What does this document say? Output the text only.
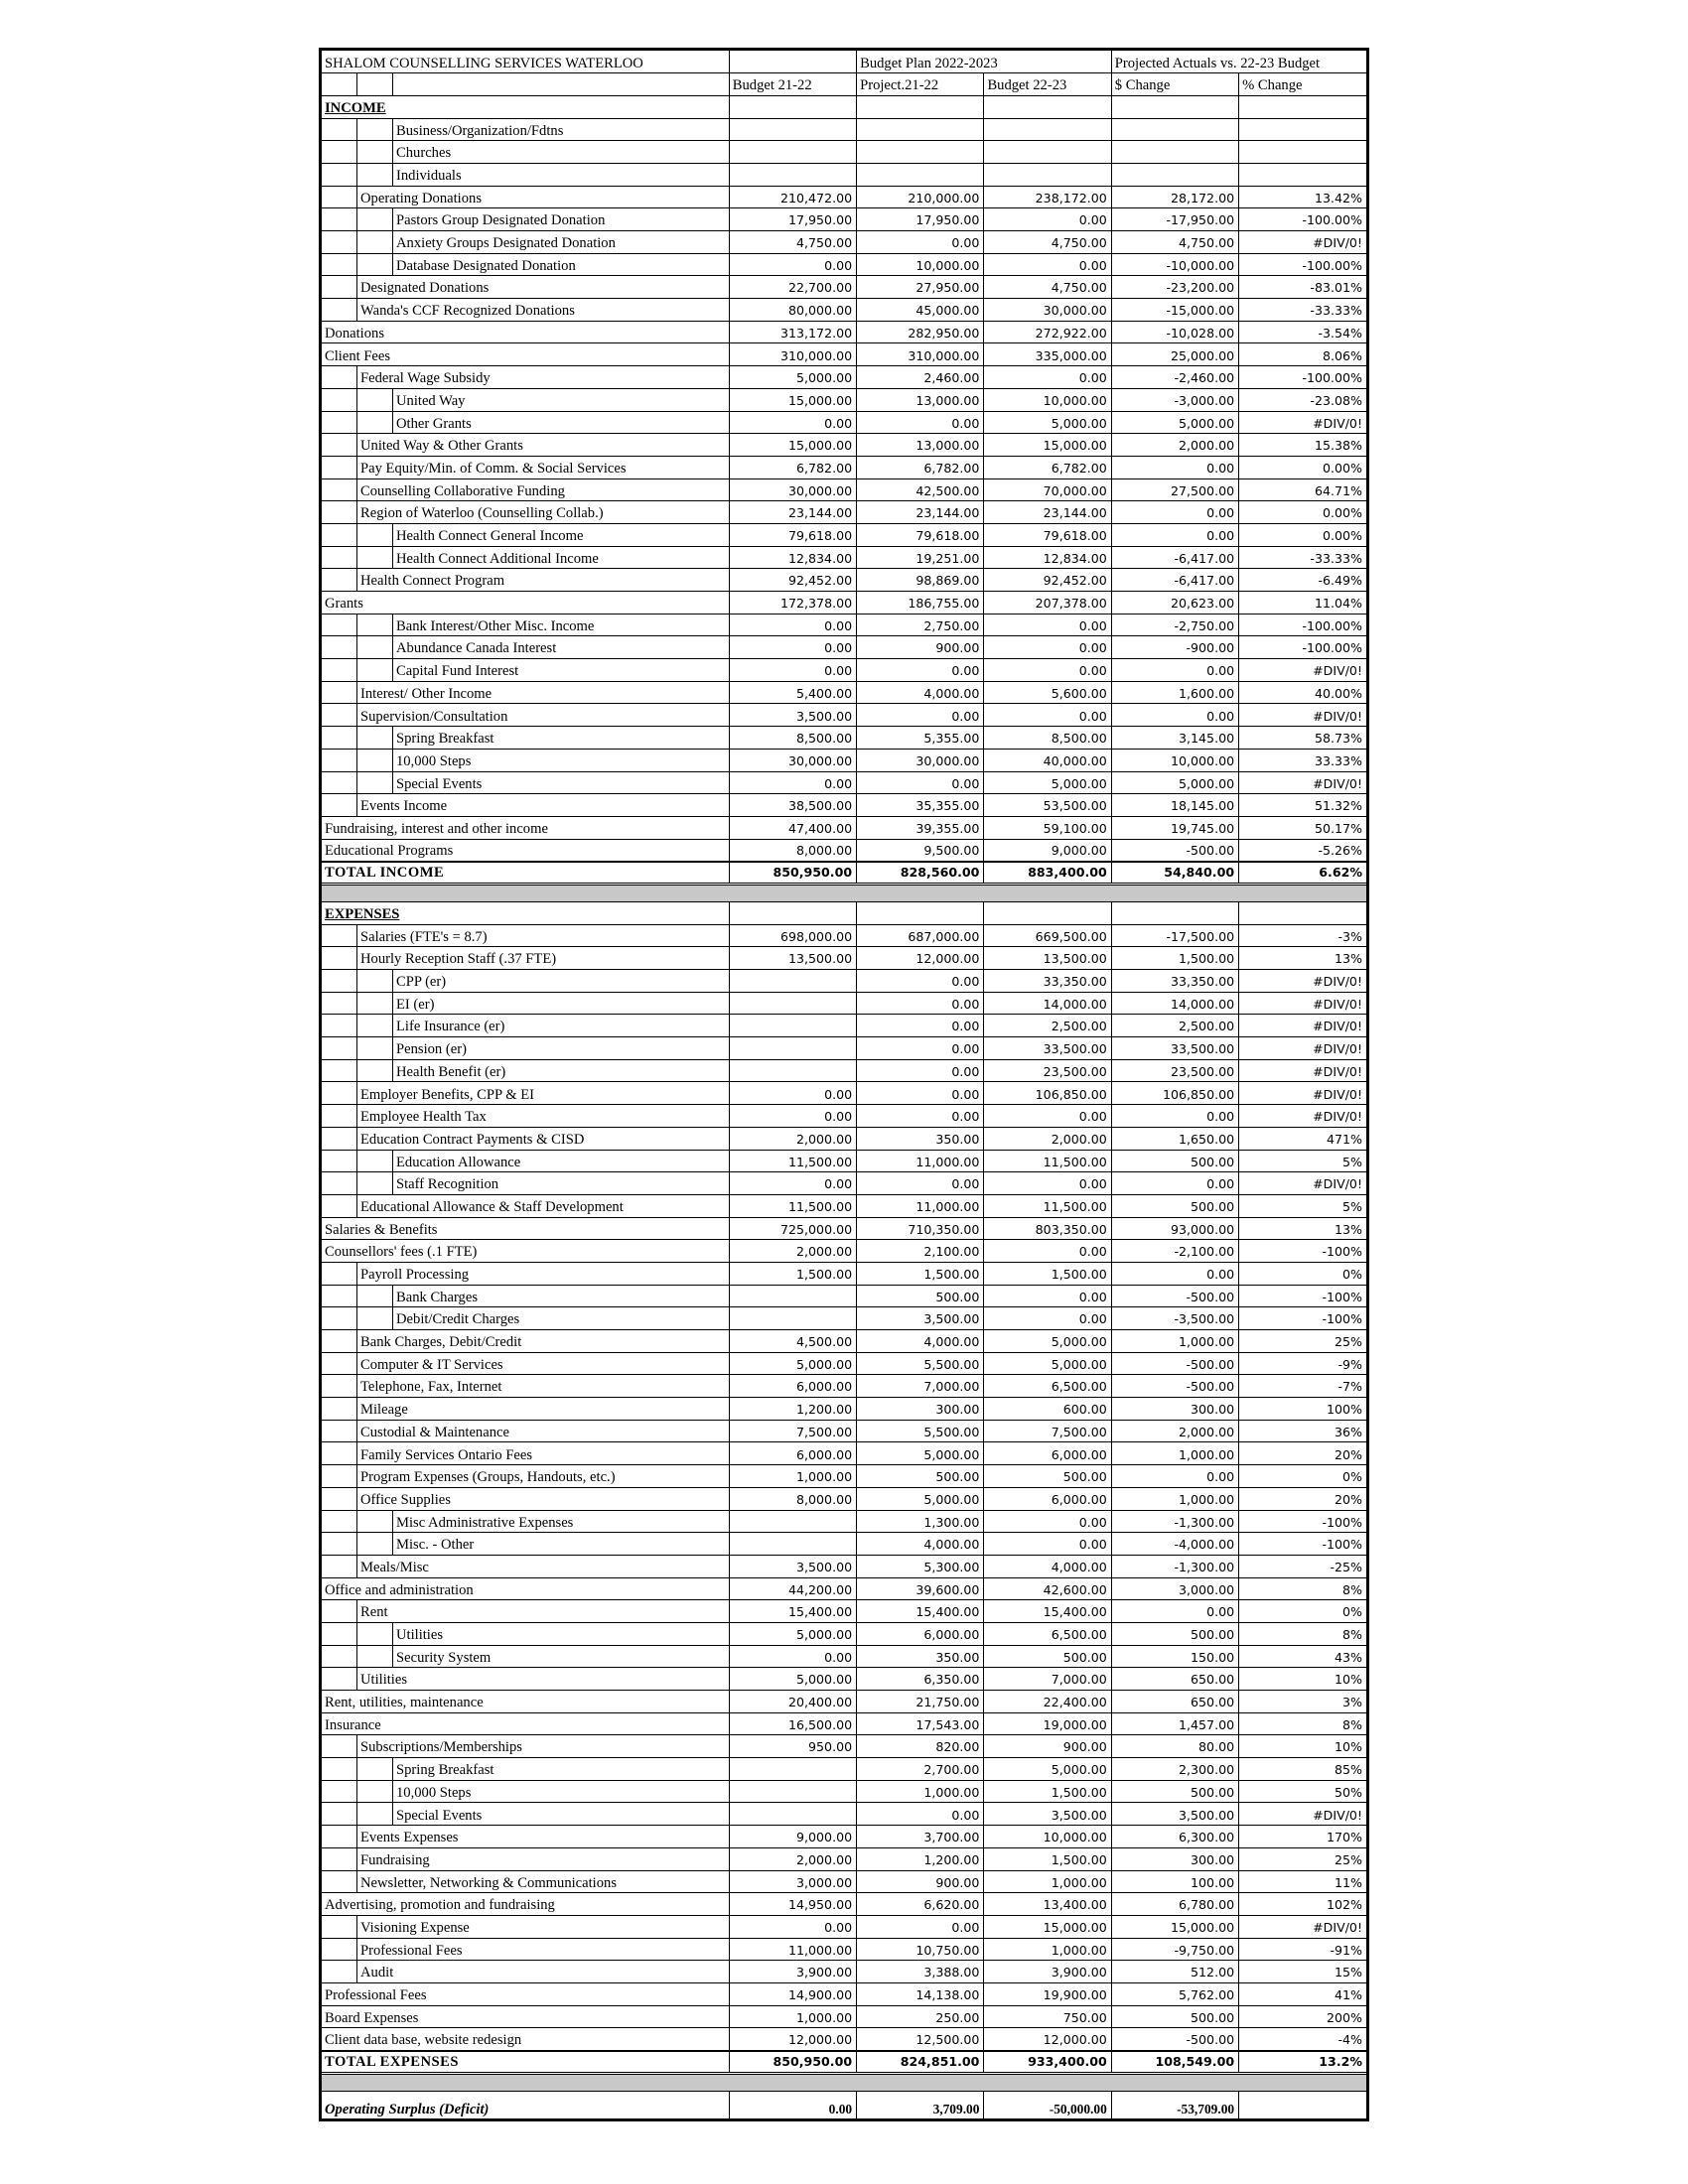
SHALOM COUNSELLING SERVICES WATERLOO		Budget Plan 2022-2023		Projected Actuals vs. 22-23 Budget	

	Budget 21-22	Project.21-22	Budget 22-23	$ Change	% Change

INCOME					

Business/Organization/Fdtns					

Churches					

Individuals					

Operating Donations	210,472.00	210,000.00	238,172.00	28,172.00	13.42%

Pastors Group Designated Donation	17,950.00	17,950.00	0.00	-17,950.00	-100.00%

Anxiety Groups Designated Donation	4,750.00	0.00	4,750.00	4,750.00	#DIV/0!

Database Designated Donation	0.00	10,000.00	0.00	-10,000.00	-100.00%

Designated Donations	22,700.00	27,950.00	4,750.00	-23,200.00	-83.01%

Wanda's CCF Recognized Donations	80,000.00	45,000.00	30,000.00	-15,000.00	-33.33%

Donations	313,172.00	282,950.00	272,922.00	-10,028.00	-3.54%

Client Fees	310,000.00	310,000.00	335,000.00	25,000.00	8.06%

Federal Wage Subsidy	5,000.00	2,460.00	0.00	-2,460.00	-100.00%

United Way	15,000.00	13,000.00	10,000.00	-3,000.00	-23.08%

Other Grants	0.00	0.00	5,000.00	5,000.00	#DIV/0!

United Way & Other Grants	15,000.00	13,000.00	15,000.00	2,000.00	15.38%

Pay Equity/Min. of Comm. & Social Services	6,782.00	6,782.00	6,782.00	0.00	0.00%

Counselling Collaborative Funding	30,000.00	42,500.00	70,000.00	27,500.00	64.71%

Region of Waterloo (Counselling Collab.)	23,144.00	23,144.00	23,144.00	0.00	0.00%

Health Connect General Income	79,618.00	79,618.00	79,618.00	0.00	0.00%

Health Connect Additional Income	12,834.00	19,251.00	12,834.00	-6,417.00	-33.33%

Health Connect Program	92,452.00	98,869.00	92,452.00	-6,417.00	-6.49%

Grants	172,378.00	186,755.00	207,378.00	20,623.00	11.04%

Bank Interest/Other Misc. Income	0.00	2,750.00	0.00	-2,750.00	-100.00%

Abundance Canada Interest	0.00	900.00	0.00	-900.00	-100.00%

Capital Fund Interest	0.00	0.00	0.00	0.00	#DIV/0!

Interest/ Other Income	5,400.00	4,000.00	5,600.00	1,600.00	40.00%

Supervision/Consultation	3,500.00	0.00	0.00	0.00	#DIV/0!

Spring Breakfast	8,500.00	5,355.00	8,500.00	3,145.00	58.73%

10,000 Steps	30,000.00	30,000.00	40,000.00	10,000.00	33.33%

Special Events	0.00	0.00	5,000.00	5,000.00	#DIV/0!

Events Income	38,500.00	35,355.00	53,500.00	18,145.00	51.32%

Fundraising, interest and other income	47,400.00	39,355.00	59,100.00	19,745.00	50.17%

Educational Programs	8,000.00	9,500.00	9,000.00	-500.00	-5.26%

TOTAL INCOME	850,950.00	828,560.00	883,400.00	54,840.00	6.62%

EXPENSES					

Salaries (FTE's = 8.7)	698,000.00	687,000.00	669,500.00	-17,500.00	-3%

Hourly Reception Staff (.37 FTE)	13,500.00	12,000.00	13,500.00	1,500.00	13%

CPP (er)		0.00	33,350.00	33,350.00	#DIV/0!

EI (er)		0.00	14,000.00	14,000.00	#DIV/0!

Life Insurance (er)		0.00	2,500.00	2,500.00	#DIV/0!

Pension (er)		0.00	33,500.00	33,500.00	#DIV/0!

Health Benefit (er)		0.00	23,500.00	23,500.00	#DIV/0!

Employer Benefits, CPP & EI	0.00	0.00	106,850.00	106,850.00	#DIV/0!

Employee Health Tax	0.00	0.00	0.00	0.00	#DIV/0!

Education Contract Payments & CISD	2,000.00	350.00	2,000.00	1,650.00	471%

Education Allowance	11,500.00	11,000.00	11,500.00	500.00	5%

Staff Recognition	0.00	0.00	0.00	0.00	#DIV/0!

Educational Allowance & Staff Development	11,500.00	11,000.00	11,500.00	500.00	5%

Salaries & Benefits	725,000.00	710,350.00	803,350.00	93,000.00	13%

Counsellors' fees (.1 FTE)	2,000.00	2,100.00	0.00	-2,100.00	-100%

Payroll Processing	1,500.00	1,500.00	1,500.00	0.00	0%

Bank Charges		500.00	0.00	-500.00	-100%

Debit/Credit Charges		3,500.00	0.00	-3,500.00	-100%

Bank Charges, Debit/Credit	4,500.00	4,000.00	5,000.00	1,000.00	25%

Computer & IT Services	5,000.00	5,500.00	5,000.00	-500.00	-9%

Telephone, Fax, Internet	6,000.00	7,000.00	6,500.00	-500.00	-7%

Mileage	1,200.00	300.00	600.00	300.00	100%

Custodial & Maintenance	7,500.00	5,500.00	7,500.00	2,000.00	36%

Family Services Ontario Fees	6,000.00	5,000.00	6,000.00	1,000.00	20%

Program Expenses (Groups, Handouts, etc.)	1,000.00	500.00	500.00	0.00	0%

Office Supplies	8,000.00	5,000.00	6,000.00	1,000.00	20%

Misc Administrative Expenses		1,300.00	0.00	-1,300.00	-100%

Misc. - Other		4,000.00	0.00	-4,000.00	-100%

Meals/Misc	3,500.00	5,300.00	4,000.00	-1,300.00	-25%

Office and administration	44,200.00	39,600.00	42,600.00	3,000.00	8%

Rent	15,400.00	15,400.00	15,400.00	0.00	0%

Utilities	5,000.00	6,000.00	6,500.00	500.00	8%

Security System	0.00	350.00	500.00	150.00	43%

Utilities	5,000.00	6,350.00	7,000.00	650.00	10%

Rent, utilities, maintenance	20,400.00	21,750.00	22,400.00	650.00	3%

Insurance	16,500.00	17,543.00	19,000.00	1,457.00	8%

Subscriptions/Memberships	950.00	820.00	900.00	80.00	10%

Spring Breakfast		2,700.00	5,000.00	2,300.00	85%

10,000 Steps		1,000.00	1,500.00	500.00	50%

Special Events		0.00	3,500.00	3,500.00	#DIV/0!

Events Expenses	9,000.00	3,700.00	10,000.00	6,300.00	170%

Fundraising	2,000.00	1,200.00	1,500.00	300.00	25%

Newsletter, Networking & Communications	3,000.00	900.00	1,000.00	100.00	11%

Advertising, promotion and fundraising	14,950.00	6,620.00	13,400.00	6,780.00	102%

Visioning Expense	0.00	0.00	15,000.00	15,000.00	#DIV/0!

Professional Fees	11,000.00	10,750.00	1,000.00	-9,750.00	-91%

Audit	3,900.00	3,388.00	3,900.00	512.00	15%

Professional Fees	14,900.00	14,138.00	19,900.00	5,762.00	41%

Board Expenses	1,000.00	250.00	750.00	500.00	200%

Client data base, website redesign	12,000.00	12,500.00	12,000.00	-500.00	-4%

TOTAL EXPENSES	850,950.00	824,851.00	933,400.00	108,549.00	13.2%

Operating Surplus (Deficit)	0.00	3,709.00	-50,000.00	-53,709.00	
